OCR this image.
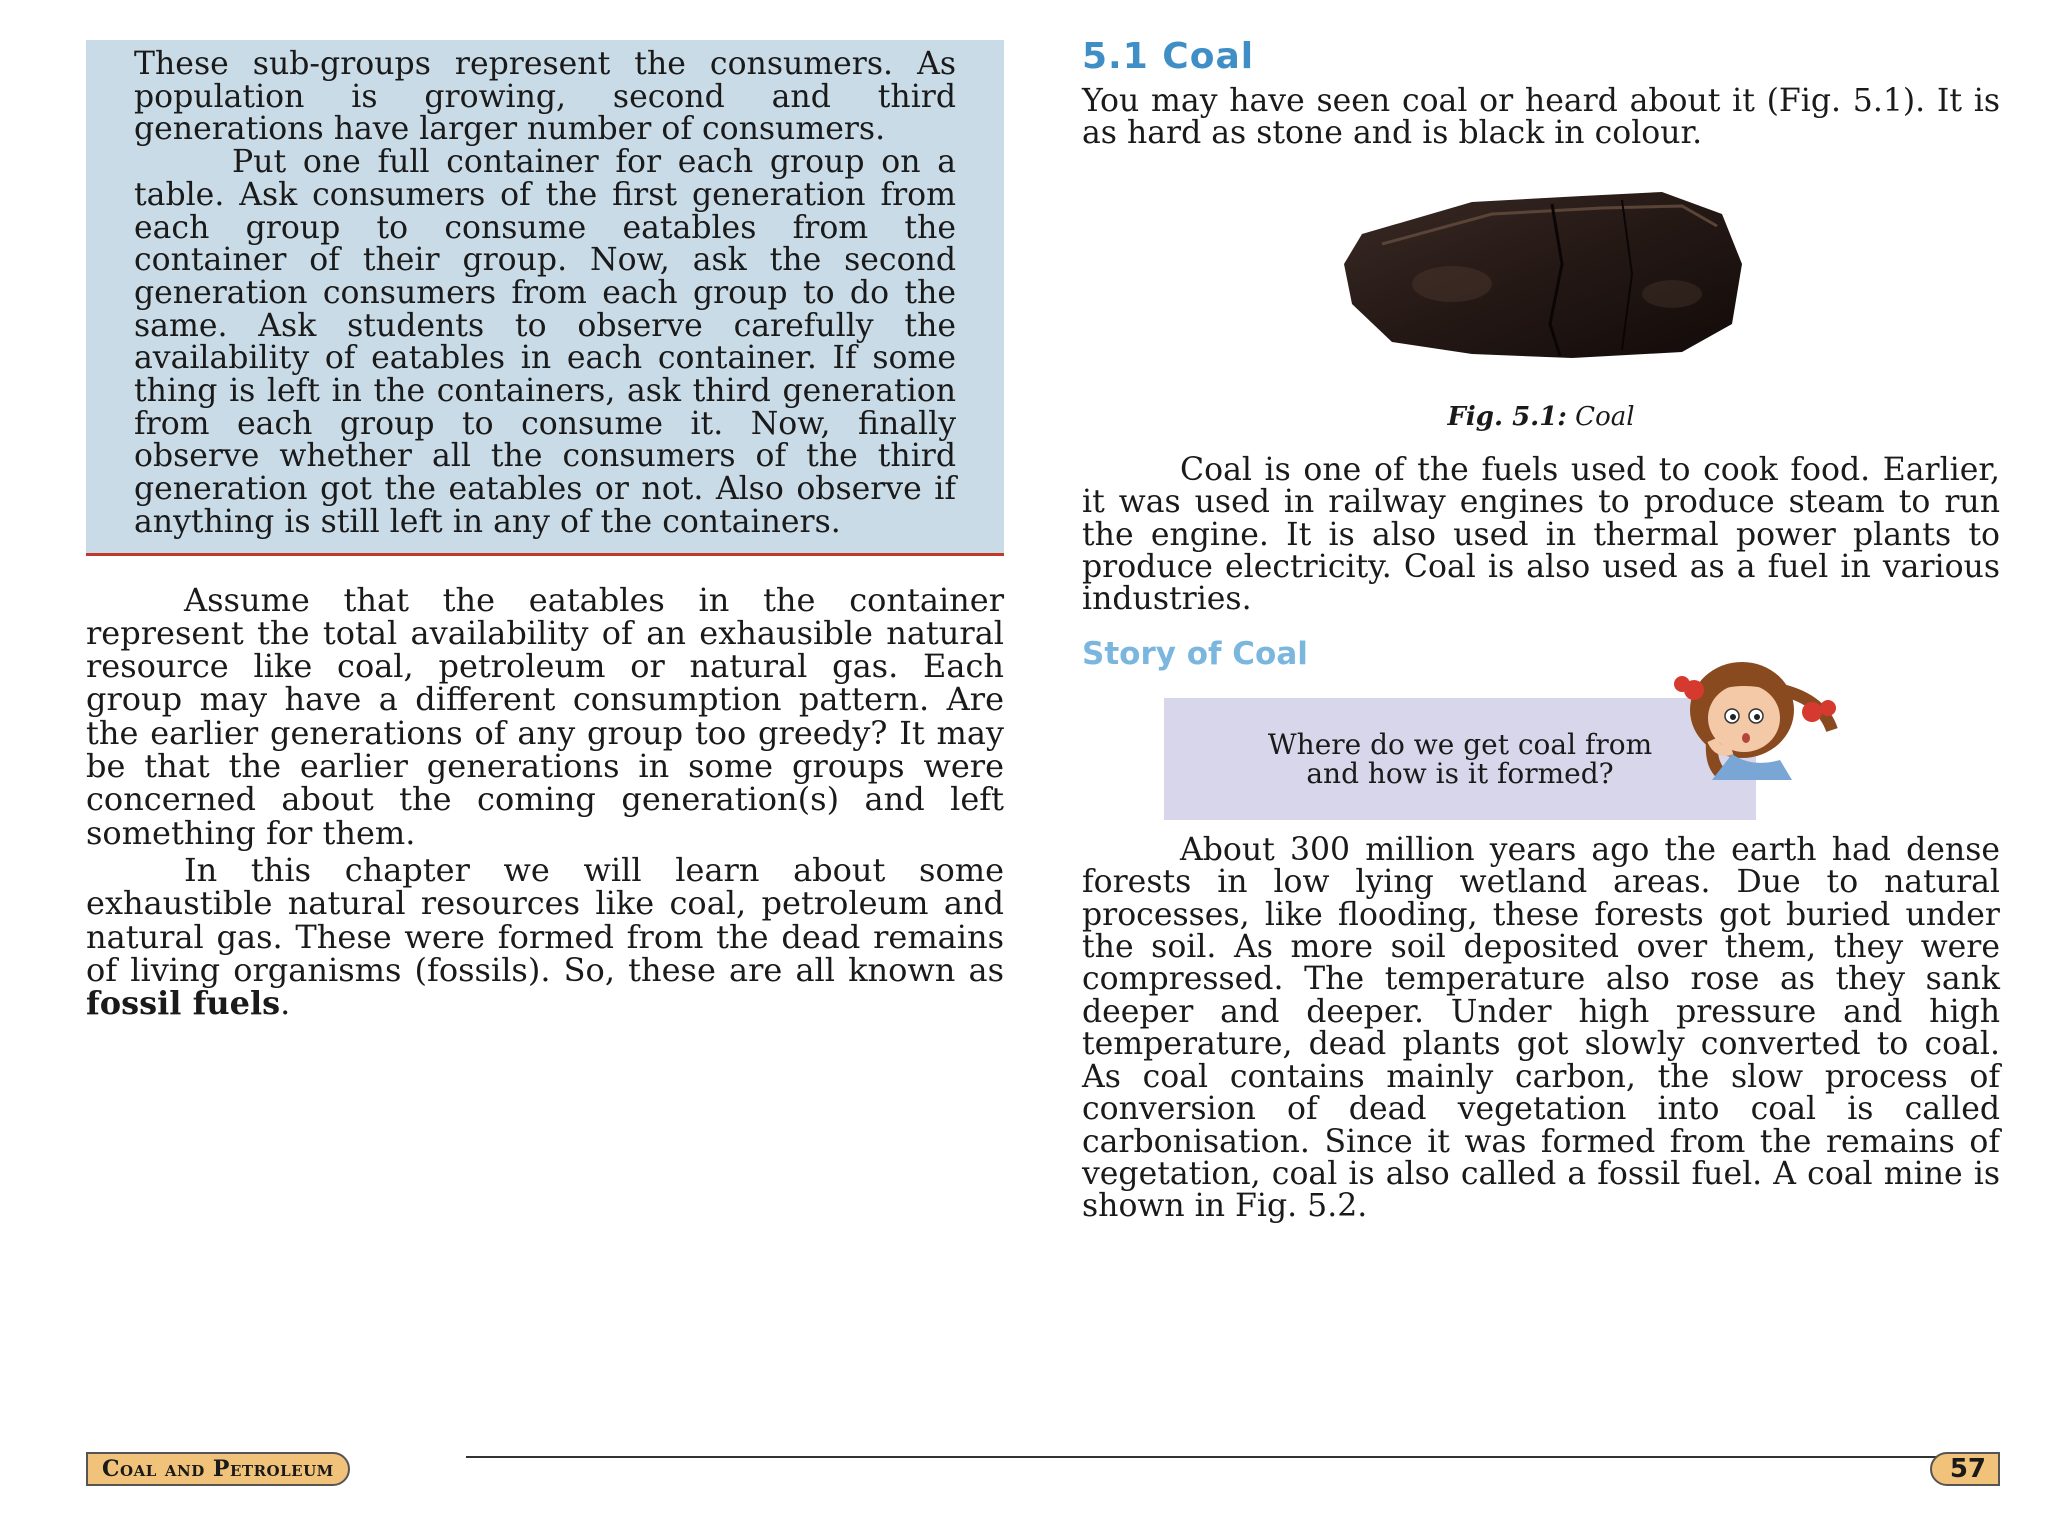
These sub-groups represent the consumers. As population is growing, second and third generations have larger number of consumers.

Put one full container for each group on a table. Ask consumers of the first generation from each group to consume eatables from the container of their group. Now, ask the second generation consumers from each group to do the same. Ask students to observe carefully the availability of eatables in each container. If some thing is left in the containers, ask third generation from each group to consume it. Now, finally observe whether all the consumers of the third generation got the eatables or not. Also observe if anything is still left in any of the containers.

Assume that the eatables in the container represent the total availability of an exhausible natural resource like coal, petroleum or natural gas. Each group may have a different consumption pattern. Are the earlier generations of any group too greedy? It may be that the earlier generations in some groups were concerned about the coming generation(s) and left something for them.

In this chapter we will learn about some exhaustible natural resources like coal, petroleum and natural gas. These were formed from the dead remains of living organisms (fossils). So, these are all known as fossil fuels.

5.1 Coal

You may have seen coal or heard about it (Fig. 5.1). It is as hard as stone and is black in colour.

Fig. 5.1: Coal

Coal is one of the fuels used to cook food. Earlier, it was used in railway engines to produce steam to run the engine. It is also used in thermal power plants to produce electricity. Coal is also used as a fuel in various industries.

Story of Coal
Where do we get coal from and how is it formed?

About 300 million years ago the earth had dense forests in low lying wetland areas. Due to natural processes, like flooding, these forests got buried under the soil. As more soil deposited over them, they were compressed. The temperature also rose as they sank deeper and deeper. Under high pressure and high temperature, dead plants got slowly converted to coal. As coal contains mainly carbon, the slow process of conversion of dead vegetation into coal is called carbonisation. Since it was formed from the remains of vegetation, coal is also called a fossil fuel. A coal mine is shown in Fig. 5.2.

Coal and Petroleum	57
